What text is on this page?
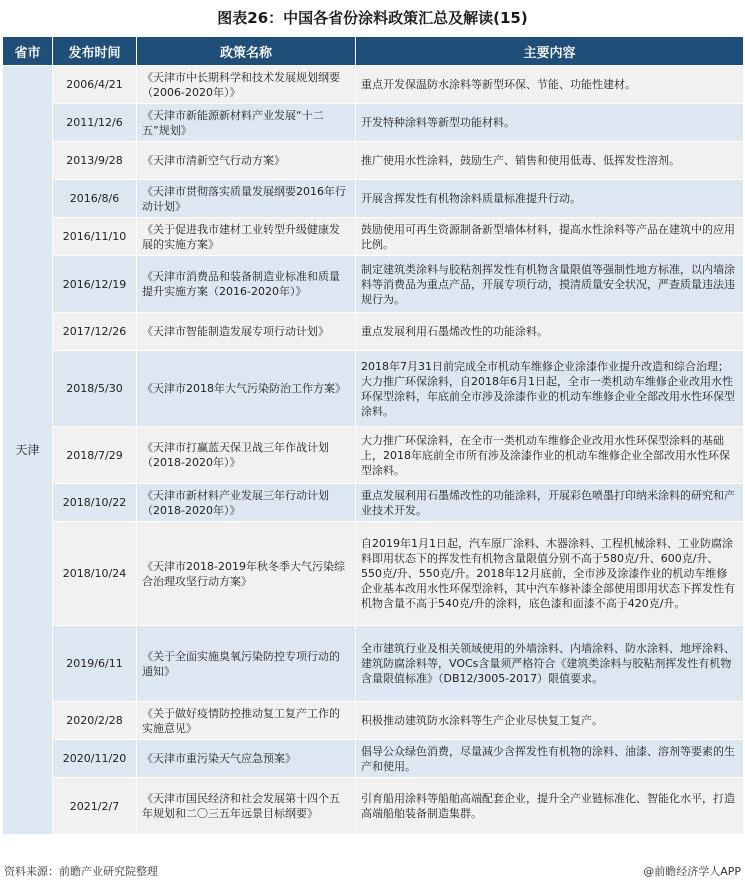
图表26：中国各省份涂料政策汇总及解读(15)
省市	发布时间	政策名称	主要内容
天津	2006/4/21	《天津市中长期科学和技术发展规划纲要（2006-2020年）》	重点开发保温防水涂料等新型环保、节能、功能性建材。
	2011/12/6	《天津市新能源新材料产业发展“十二五”规划》	开发特种涂料等新型功能材料。
	2013/9/28	《天津市清新空气行动方案》	推广使用水性涂料，鼓励生产、销售和使用低毒、低挥发性溶剂。
	2016/8/6	《天津市贯彻落实质量发展纲要2016年行动计划》	开展含挥发性有机物涂料质量标准提升行动。
	2016/11/10	《关于促进我市建材工业转型升级健康发展的实施方案》	鼓励使用可再生资源制备新型墙体材料，提高水性涂料等产品在建筑中的应用比例。
	2016/12/19	《天津市消费品和装备制造业标准和质量提升实施方案（2016-2020年）》	制定建筑类涂料与胶粘剂挥发性有机物含量限值等强制性地方标准，以内墙涂料等消费品为重点产品，开展专项行动，摸清质量安全状况，严查质量违法违规行为。
	2017/12/26	《天津市智能制造发展专项行动计划》	重点发展利用石墨烯改性的功能涂料。
	2018/5/30	《天津市2018年大气污染防治工作方案》	2018年7月31日前完成全市机动车维修企业涂漆作业提升改造和综合治理；大力推广环保涂料，自2018年6月1日起，全市一类机动车维修企业改用水性环保型涂料，年底前全市涉及涂漆作业的机动车维修企业全部改用水性环保型涂料。
	2018/7/29	《天津市打赢蓝天保卫战三年作战计划（2018-2020年）》	大力推广环保涂料，在全市一类机动车维修企业改用水性环保型涂料的基础上，2018年底前全市所有涉及涂漆作业的机动车维修企业全部改用水性环保型涂料。
	2018/10/22	《天津市新材料产业发展三年行动计划（2018-2020年）》	重点发展利用石墨烯改性的功能涂料，开展彩色喷墨打印纳米涂料的研究和产业技术开发。
	2018/10/24	《天津市2018-2019年秋冬季大气污染综合治理攻坚行动方案》	自2019年1月1日起，汽车原厂涂料、木器涂料、工程机械涂料、工业防腐涂料即用状态下的挥发性有机物含量限值分别不高于580克/升、600克/升、550克/升、550克/升。2018年12月底前，全市涉及涂漆作业的机动车维修企业基本改用水性环保型涂料，其中汽车修补漆全部使用即用状态下挥发性有机物含量不高于540克/升的涂料，底色漆和面漆不高于420克/升。
	2019/6/11	《关于全面实施臭氧污染防控专项行动的通知》	全市建筑行业及相关领域使用的外墙涂料、内墙涂料、防水涂料、地坪涂料、建筑防腐涂料等，VOCs含量须严格符合《建筑类涂料与胶粘剂挥发性有机物含量限值标准》（DB12/3005-2017）限值要求。
	2020/2/28	《关于做好疫情防控推动复工复产工作的实施意见》	积极推动建筑防水涂料等生产企业尽快复工复产。
	2020/11/20	《天津市重污染天气应急预案》	倡导公众绿色消费，尽量减少含挥发性有机物的涂料、油漆、溶剂等要素的生产和使用。
	2021/2/7	《天津市国民经济和社会发展第十四个五年规划和二〇三五年远景目标纲要》	引育船用涂料等船舶高端配套企业，提升全产业链标准化、智能化水平，打造高端船舶装备制造集群。
资料来源：前瞻产业研究院整理	@前瞻经济学人APP
